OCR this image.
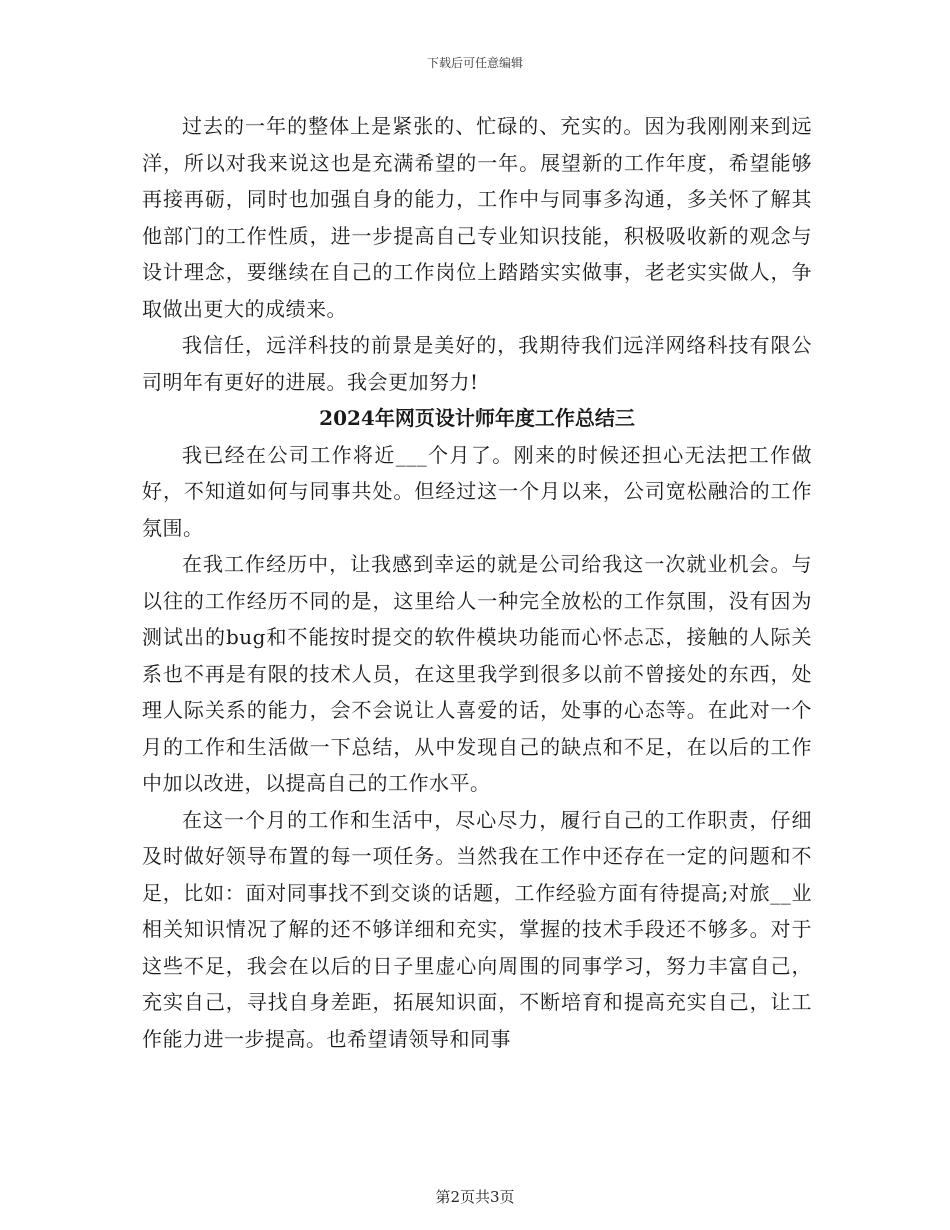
下载后可任意编辑

过去的一年的整体上是紧张的、忙碌的、充实的。因为我刚刚来到远洋，所以对我来说这也是充满希望的一年。展望新的工作年度，希望能够再接再砺，同时也加强自身的能力，工作中与同事多沟通，多关怀了解其他部门的工作性质，进一步提高自己专业知识技能，积极吸收新的观念与设计理念，要继续在自己的工作岗位上踏踏实实做事，老老实实做人，争取做出更大的成绩来。

我信任，远洋科技的前景是美好的，我期待我们远洋网络科技有限公司明年有更好的进展。我会更加努力!

2024年网页设计师年度工作总结三

我已经在公司工作将近___个月了。刚来的时候还担心无法把工作做好，不知道如何与同事共处。但经过这一个月以来，公司宽松融洽的工作氛围。

在我工作经历中，让我感到幸运的就是公司给我这一次就业机会。与以往的工作经历不同的是，这里给人一种完全放松的工作氛围，没有因为测试出的bug和不能按时提交的软件模块功能而心怀忐忑，接触的人际关系也不再是有限的技术人员，在这里我学到很多以前不曾接处的东西，处理人际关系的能力，会不会说让人喜爱的话，处事的心态等。在此对一个月的工作和生活做一下总结，从中发现自己的缺点和不足，在以后的工作中加以改进，以提高自己的工作水平。

在这一个月的工作和生活中，尽心尽力，履行自己的工作职责，仔细及时做好领导布置的每一项任务。当然我在工作中还存在一定的问题和不足，比如：面对同事找不到交谈的话题，工作经验方面有待提高;对旅__业相关知识情况了解的还不够详细和充实，掌握的技术手段还不够多。对于这些不足，我会在以后的日子里虚心向周围的同事学习，努力丰富自己，充实自己，寻找自身差距，拓展知识面，不断培育和提高充实自己，让工作能力进一步提高。也希望请领导和同事

第2页共3页
